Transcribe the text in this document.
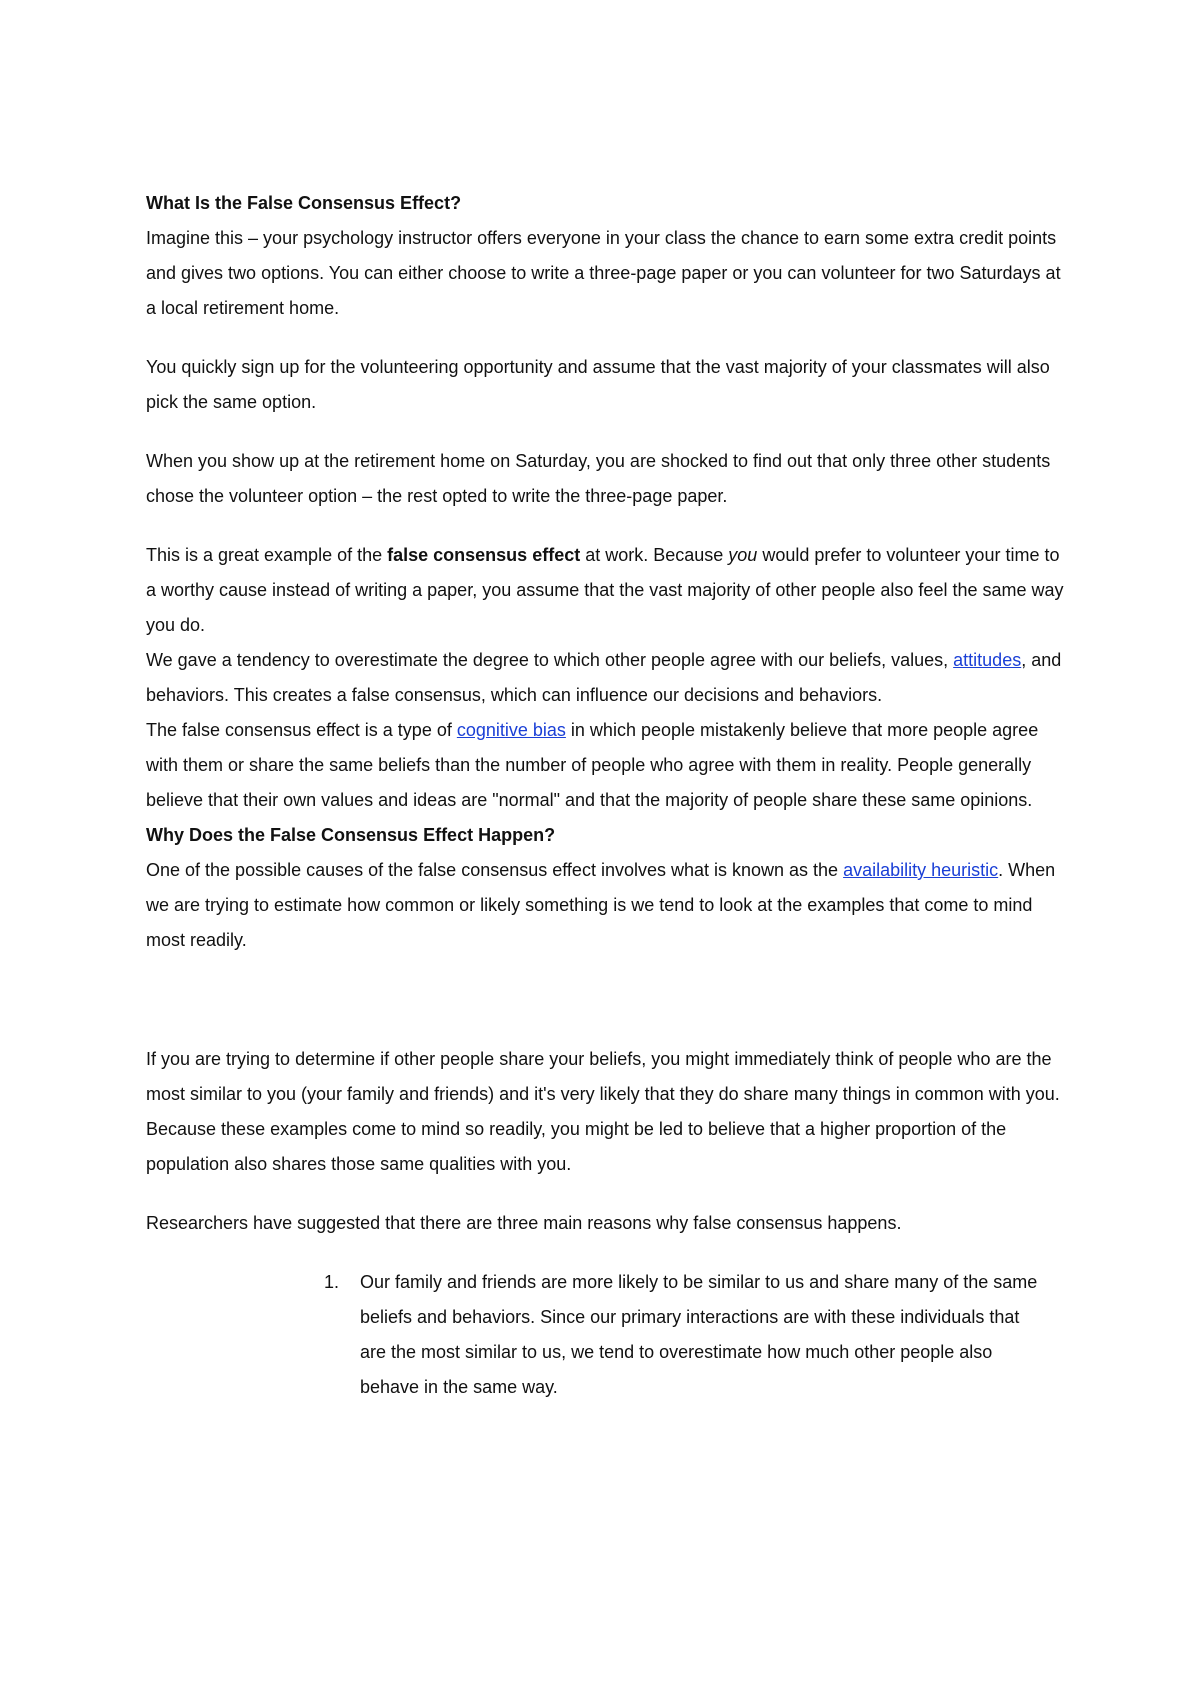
What Is the False Consensus Effect?

Imagine this – your psychology instructor offers everyone in your class the chance to earn some extra credit points and gives two options. You can either choose to write a three-page paper or you can volunteer for two Saturdays at a local retirement home.

You quickly sign up for the volunteering opportunity and assume that the vast majority of your classmates will also pick the same option.

When you show up at the retirement home on Saturday, you are shocked to find out that only three other students chose the volunteer option – the rest opted to write the three-page paper.

This is a great example of the false consensus effect at work. Because you would prefer to volunteer your time to a worthy cause instead of writing a paper, you assume that the vast majority of other people also feel the same way you do.

We gave a tendency to overestimate the degree to which other people agree with our beliefs, values, attitudes, and behaviors. This creates a false consensus, which can influence our decisions and behaviors.

The false consensus effect is a type of cognitive bias in which people mistakenly believe that more people agree with them or share the same beliefs than the number of people who agree with them in reality. People generally believe that their own values and ideas are "normal" and that the majority of people share these same opinions.

Why Does the False Consensus Effect Happen?

One of the possible causes of the false consensus effect involves what is known as the availability heuristic. When we are trying to estimate how common or likely something is we tend to look at the examples that come to mind most readily.

If you are trying to determine if other people share your beliefs, you might immediately think of people who are the most similar to you (your family and friends) and it's very likely that they do share many things in common with you. Because these examples come to mind so readily, you might be led to believe that a higher proportion of the population also shares those same qualities with you.

Researchers have suggested that there are three main reasons why false consensus happens.

1. Our family and friends are more likely to be similar to us and share many of the same beliefs and behaviors. Since our primary interactions are with these individuals that are the most similar to us, we tend to overestimate how much other people also behave in the same way.
